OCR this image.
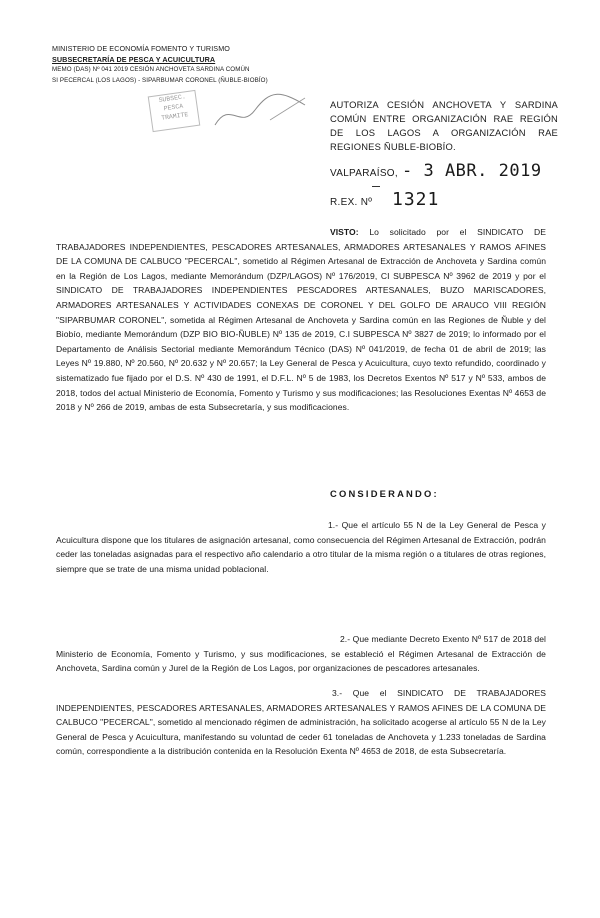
MINISTERIO DE ECONOMÍA FOMENTO Y TURISMO
SUBSECRETARÍA DE PESCA Y ACUICULTURA
MEMO (DAS) Nº 041 2019 CESIÓN ANCHOVETA SARDINA COMÚN
SI PECERCAL (LOS LAGOS) - SIPARBUMAR CORONEL (ÑUBLE-BIOBÍO)
SUBSEC.
PESCA
TRAMITE
AUTORIZA CESIÓN ANCHOVETA Y SARDINA COMÚN ENTRE ORGANIZACIÓN RAE REGIÓN DE LOS LAGOS A ORGANIZACIÓN RAE REGIONES ÑUBLE-BIOBÍO.
VALPARAÍSO, - 3 ABR. 2019
R.EX. Nº 1321
VISTO: Lo solicitado por el SINDICATO DE TRABAJADORES INDEPENDIENTES, PESCADORES ARTESANALES, ARMADORES ARTESANALES Y RAMOS AFINES DE LA COMUNA DE CALBUCO "PECERCAL", sometido al Régimen Artesanal de Extracción de Anchoveta y Sardina común en la Región de Los Lagos, mediante Memorándum (DZP/LAGOS) Nº 176/2019, CI SUBPESCA Nº 3962 de 2019 y por el SINDICATO DE TRABAJADORES INDEPENDIENTES PESCADORES ARTESANALES, BUZO MARISCADORES, ARMADORES ARTESANALES Y ACTIVIDADES CONEXAS DE CORONEL Y DEL GOLFO DE ARAUCO VIII REGIÓN "SIPARBUMAR CORONEL", sometida al Régimen Artesanal de Anchoveta y Sardina común en las Regiones de Ñuble y del Biobío, mediante Memorándum (DZP BIO BIO-ÑUBLE) Nº 135 de 2019, C.I SUBPESCA Nº 3827 de 2019; lo informado por el Departamento de Análisis Sectorial mediante Memorándum Técnico (DAS) Nº 041/2019, de fecha 01 de abril de 2019; las Leyes Nº 19.880, Nº 20.560, Nº 20.632 y Nº 20.657; la Ley General de Pesca y Acuicultura, cuyo texto refundido, coordinado y sistematizado fue fijado por el D.S. Nº 430 de 1991, el D.F.L. Nº 5 de 1983, los Decretos Exentos Nº 517 y Nº 533, ambos de 2018, todos del actual Ministerio de Economía, Fomento y Turismo y sus modificaciones; las Resoluciones Exentas Nº 4653 de 2018 y Nº 266 de 2019, ambas de esta Subsecretaría, y sus modificaciones.
CONSIDERANDO:
1.- Que el artículo 55 N de la Ley General de Pesca y Acuicultura dispone que los titulares de asignación artesanal, como consecuencia del Régimen Artesanal de Extracción, podrán ceder las toneladas asignadas para el respectivo año calendario a otro titular de la misma región o a titulares de otras regiones, siempre que se trate de una misma unidad poblacional.
2.- Que mediante Decreto Exento Nº 517 de 2018 del Ministerio de Economía, Fomento y Turismo, y sus modificaciones, se estableció el Régimen Artesanal de Extracción de Anchoveta, Sardina común y Jurel de la Región de Los Lagos, por organizaciones de pescadores artesanales.
3.- Que el SINDICATO DE TRABAJADORES INDEPENDIENTES, PESCADORES ARTESANALES, ARMADORES ARTESANALES Y RAMOS AFINES DE LA COMUNA DE CALBUCO "PECERCAL", sometido al mencionado régimen de administración, ha solicitado acogerse al artículo 55 N de la Ley General de Pesca y Acuicultura, manifestando su voluntad de ceder 61 toneladas de Anchoveta y 1.233 toneladas de Sardina común, correspondiente a la distribución contenida en la Resolución Exenta Nº 4653 de 2018, de esta Subsecretaría.
